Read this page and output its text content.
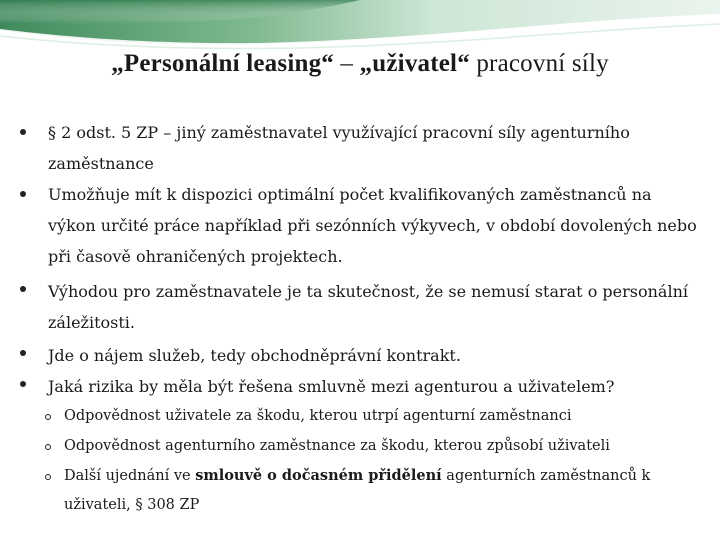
„Personální leasing“ – „uživatel“ pracovní síly
§ 2 odst. 5 ZP – jiný zaměstnavatel využívající pracovní síly agenturního zaměstnance
Umožňuje mít k dispozici optimální počet kvalifikovaných zaměstnanců na výkon určité práce například při sezónních výkyvech, v období dovolených nebo při časově ohraničených projektech.
Výhodou pro zaměstnavatele je ta skutečnost, že se nemusí starat o personální záležitosti.
Jde o nájem služeb, tedy obchodněprávní kontrakt.
Jaká rizika by měla být řešena smluvně mezi agenturou a uživatelem?
Odpovědnost uživatele za škodu, kterou utrpí agenturní zaměstnanci
Odpovědnost agenturního zaměstnance za škodu, kterou způsobí uživateli
Další ujednání ve smlouvě o dočasném přidělení agenturních zaměstnanců k uživateli, § 308 ZP
